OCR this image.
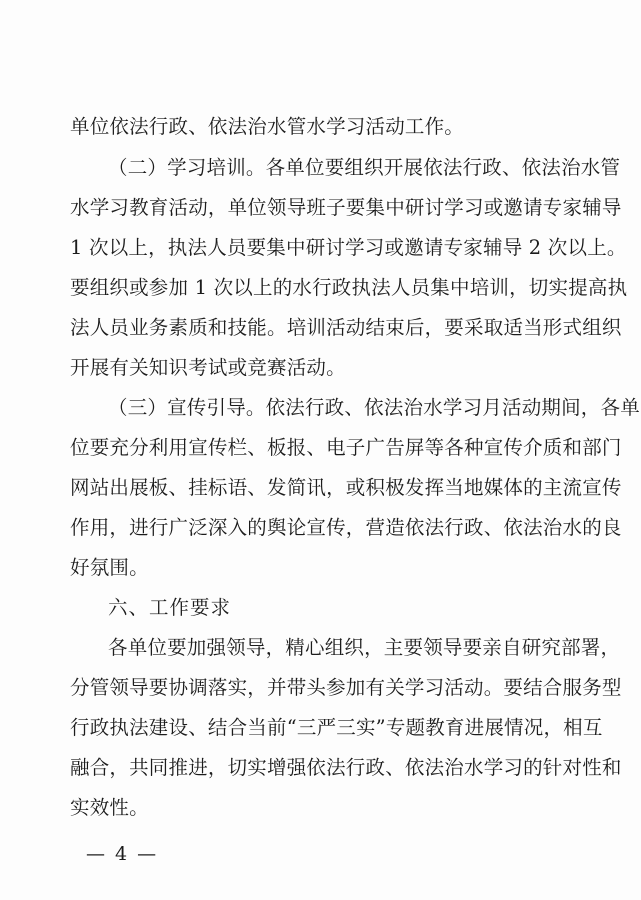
单位依法行政、依法治水管水学习活动工作。
（二）学习培训。各单位要组织开展依法行政、依法治水管
水学习教育活动，单位领导班子要集中研讨学习或邀请专家辅导
1 次以上，执法人员要集中研讨学习或邀请专家辅导 2 次以上。
要组织或参加 1 次以上的水行政执法人员集中培训，切实提高执
法人员业务素质和技能。培训活动结束后，要采取适当形式组织
开展有关知识考试或竞赛活动。
（三）宣传引导。依法行政、依法治水学习月活动期间，各单
位要充分利用宣传栏、板报、电子广告屏等各种宣传介质和部门
网站出展板、挂标语、发简讯，或积极发挥当地媒体的主流宣传
作用，进行广泛深入的舆论宣传，营造依法行政、依法治水的良
好氛围。
六、工作要求
各单位要加强领导，精心组织，主要领导要亲自研究部署，
分管领导要协调落实，并带头参加有关学习活动。要结合服务型
行政执法建设、结合当前“三严三实”专题教育进展情况，相互
融合，共同推进，切实增强依法行政、依法治水学习的针对性和
实效性。
— 4 —
